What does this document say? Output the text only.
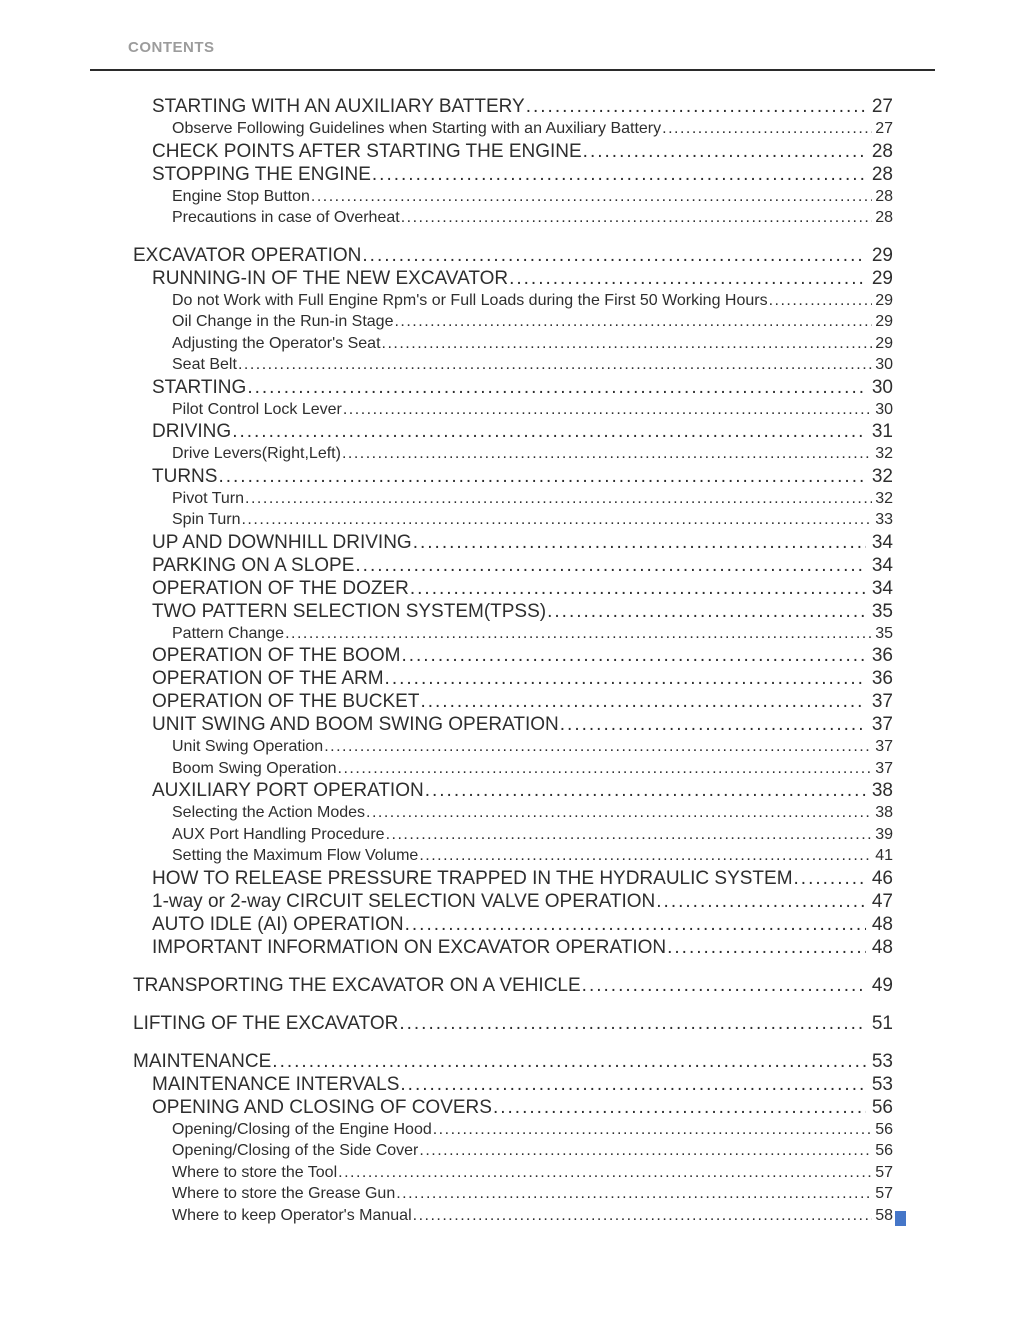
CONTENTS
STARTING WITH AN AUXILIARY BATTERY .....	27
Observe Following Guidelines when Starting with an Auxiliary Battery .....	27
CHECK POINTS AFTER STARTING THE ENGINE .....	28
STOPPING THE ENGINE .....	28
Engine Stop Button .....	28
Precautions in case of Overheat .....	28
EXCAVATOR OPERATION .....	29
RUNNING-IN OF THE NEW EXCAVATOR .....	29
Do not Work with Full Engine Rpm's or Full Loads during the First 50 Working Hours .....	29
Oil Change in the Run-in Stage .....	29
Adjusting the Operator's Seat .....	29
Seat Belt .....	30
STARTING .....	30
Pilot Control Lock Lever .....	30
DRIVING .....	31
Drive Levers(Right,Left) .....	32
TURNS .....	32
Pivot Turn .....	32
Spin Turn .....	33
UP AND DOWNHILL DRIVING .....	34
PARKING ON A SLOPE .....	34
OPERATION OF THE DOZER .....	34
TWO PATTERN SELECTION SYSTEM(TPSS) .....	35
Pattern Change .....	35
OPERATION OF THE BOOM .....	36
OPERATION OF THE ARM .....	36
OPERATION OF THE BUCKET .....	37
UNIT SWING AND BOOM SWING OPERATION .....	37
Unit Swing Operation .....	37
Boom Swing Operation .....	37
AUXILIARY PORT OPERATION .....	38
Selecting the Action Modes .....	38
AUX Port Handling Procedure .....	39
Setting the Maximum Flow Volume .....	41
HOW TO RELEASE PRESSURE TRAPPED IN THE HYDRAULIC SYSTEM .....	46
1-way or 2-way CIRCUIT SELECTION VALVE OPERATION .....	47
AUTO IDLE (AI) OPERATION .....	48
IMPORTANT INFORMATION ON EXCAVATOR OPERATION .....	48
TRANSPORTING THE EXCAVATOR ON A VEHICLE .....	49
LIFTING OF THE EXCAVATOR .....	51
MAINTENANCE .....	53
MAINTENANCE INTERVALS .....	53
OPENING AND CLOSING OF COVERS .....	56
Opening/Closing of the Engine Hood .....	56
Opening/Closing of the Side Cover .....	56
Where to store the Tool .....	57
Where to store the Grease Gun .....	57
Where to keep Operator's Manual .....	58
